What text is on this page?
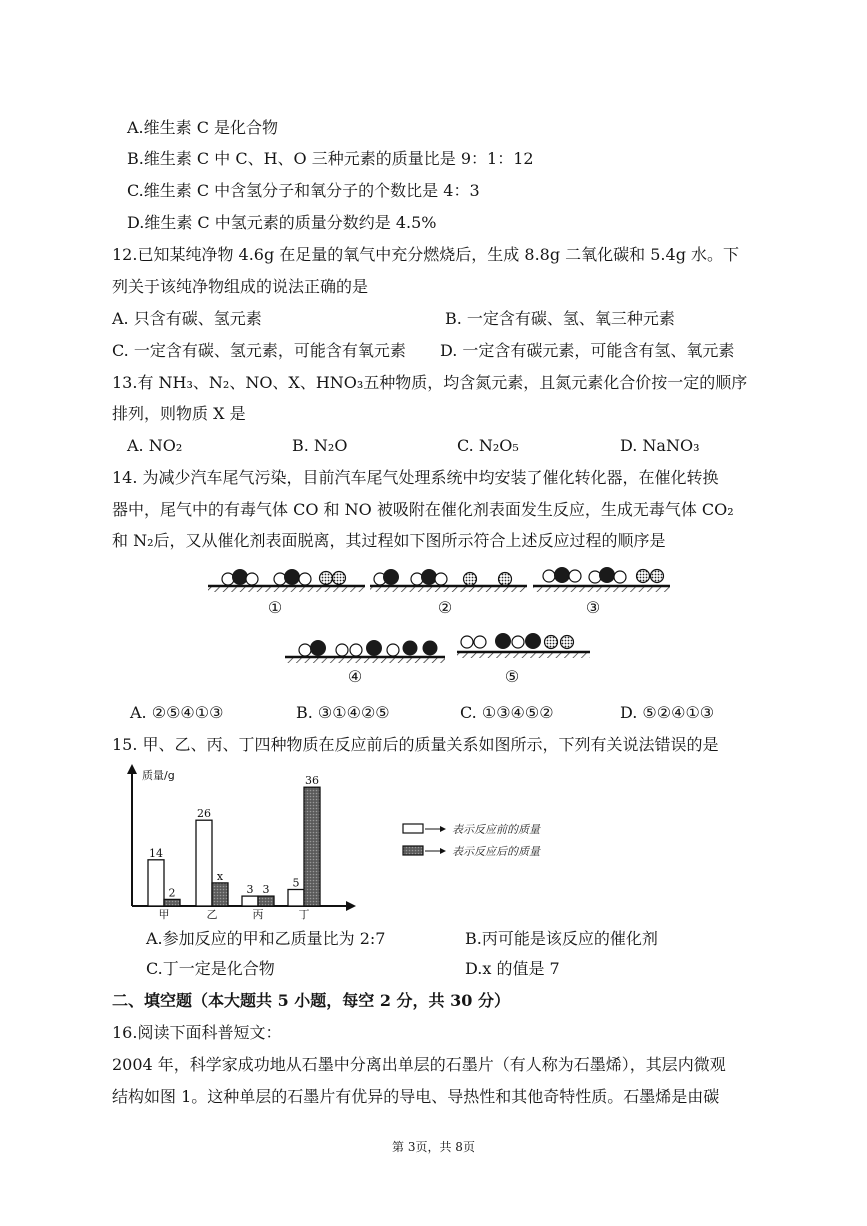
A.维生素 C 是化合物
B.维生素 C 中 C、H、O 三种元素的质量比是 9：1：12
C.维生素 C 中含氢分子和氧分子的个数比是 4：3
D.维生素 C 中氢元素的质量分数约是 4.5%
12.已知某纯净物 4.6g 在足量的氧气中充分燃烧后，生成 8.8g 二氧化碳和 5.4g 水。下
列关于该纯净物组成的说法正确的是
A. 只含有碳、氢元素	B. 一定含有碳、氢、氧三种元素
C. 一定含有碳、氢元素，可能含有氧元素 D. 一定含有碳元素，可能含有氢、氧元素
13.有 NH₃、N₂、NO、X、HNO₃五种物质，均含氮元素，且氮元素化合价按一定的顺序
排列，则物质 X 是
A. NO₂	B. N₂O	C. N₂O₅	D. NaNO₃
14. 为减少汽车尾气污染，目前汽车尾气处理系统中均安装了催化转化器，在催化转换
器中，尾气中的有毒气体 CO 和 NO 被吸附在催化剂表面发生反应，生成无毒气体 CO₂
和 N₂后，又从催化剂表面脱离，其过程如下图所示符合上述反应过程的顺序是
①	②	③
④	⑤
A. ②⑤④①③	B. ③①④②⑤	C. ①③④⑤②	D. ⑤②④①③
15. 甲、乙、丙、丁四种物质在反应前后的质量关系如图所示，下列有关说法错误的是
质量/g
14
2
26
x
3 3
5
36
甲	乙	丙	丁
表示反应前的质量
表示反应后的质量
A.参加反应的甲和乙质量比为 2:7	B.丙可能是该反应的催化剂
C.丁一定是化合物	D.x 的值是 7
二、填空题（本大题共 5 小题，每空 2 分，共 30 分）
16.阅读下面科普短文：
2004 年，科学家成功地从石墨中分离出单层的石墨片（有人称为石墨烯），其层内微观
结构如图 1。这种单层的石墨片有优异的导电、导热性和其他奇特性质。石墨烯是由碳
第 3页，共 8页
